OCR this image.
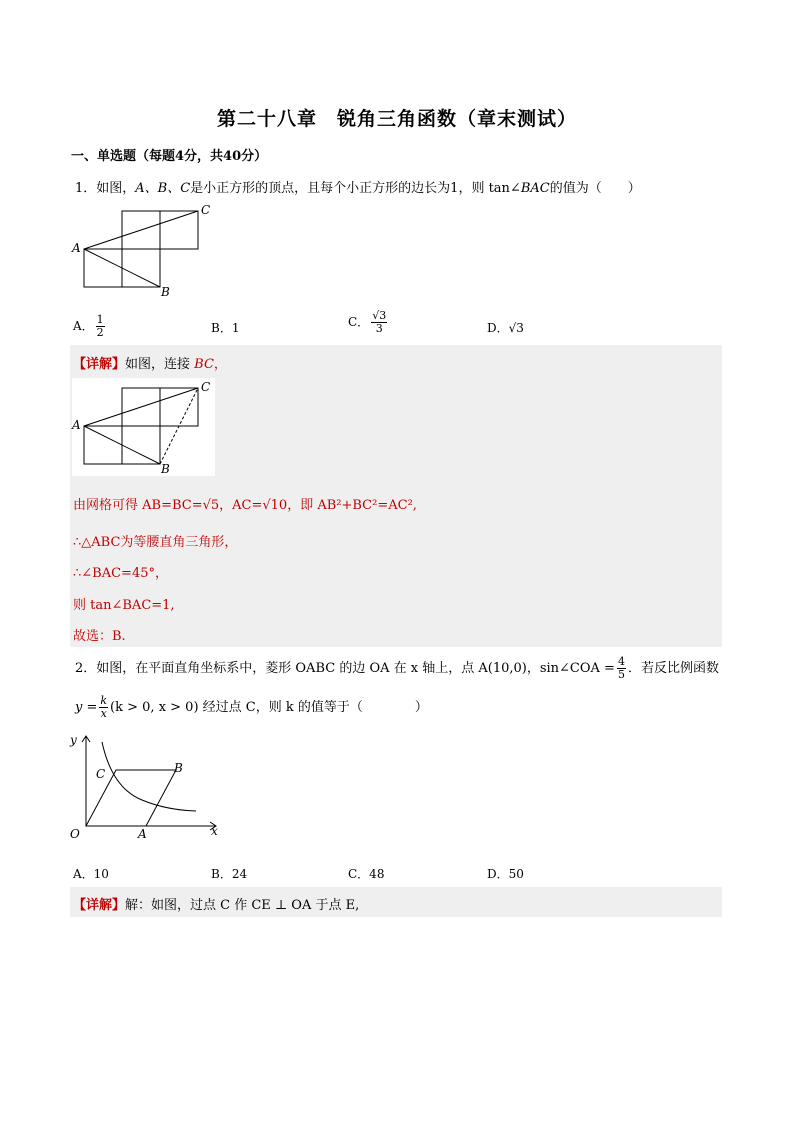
第二十八章　锐角三角函数（章末测试）
一、单选题（每题4分，共40分）
1．如图，A、B、C是小正方形的顶点，且每个小正方形的边长为1，则 tan∠BAC的值为（　　）
A
C
B
A． $\frac{1}{2}$	B．1	C． $\frac{√3}{3}$	D．√3
【详解】如图，连接 BC，
A
C
B
由网格可得 AB=BC=√5，AC=√10，即 AB²+BC²=AC²,
∴△ABC为等腰直角三角形，
∴∠BAC=45°，
则 tan∠BAC=1,
故选：B.
2．如图，在平面直角坐标系中，菱形 OABC 的边 OA 在 x 轴上，点 A(10,0)，sin∠COA = $\frac{4}{5}$ ．若反比例函数
$y = \frac{k}{x} (k > 0$, x > 0) 经过点 C，则 k 的值等于（　　　　）
y
x
O	A
B
C
A．10	B．24	C．48	D．50
【详解】解：如图，过点 C 作 CE ⊥ OA 于点 E,
